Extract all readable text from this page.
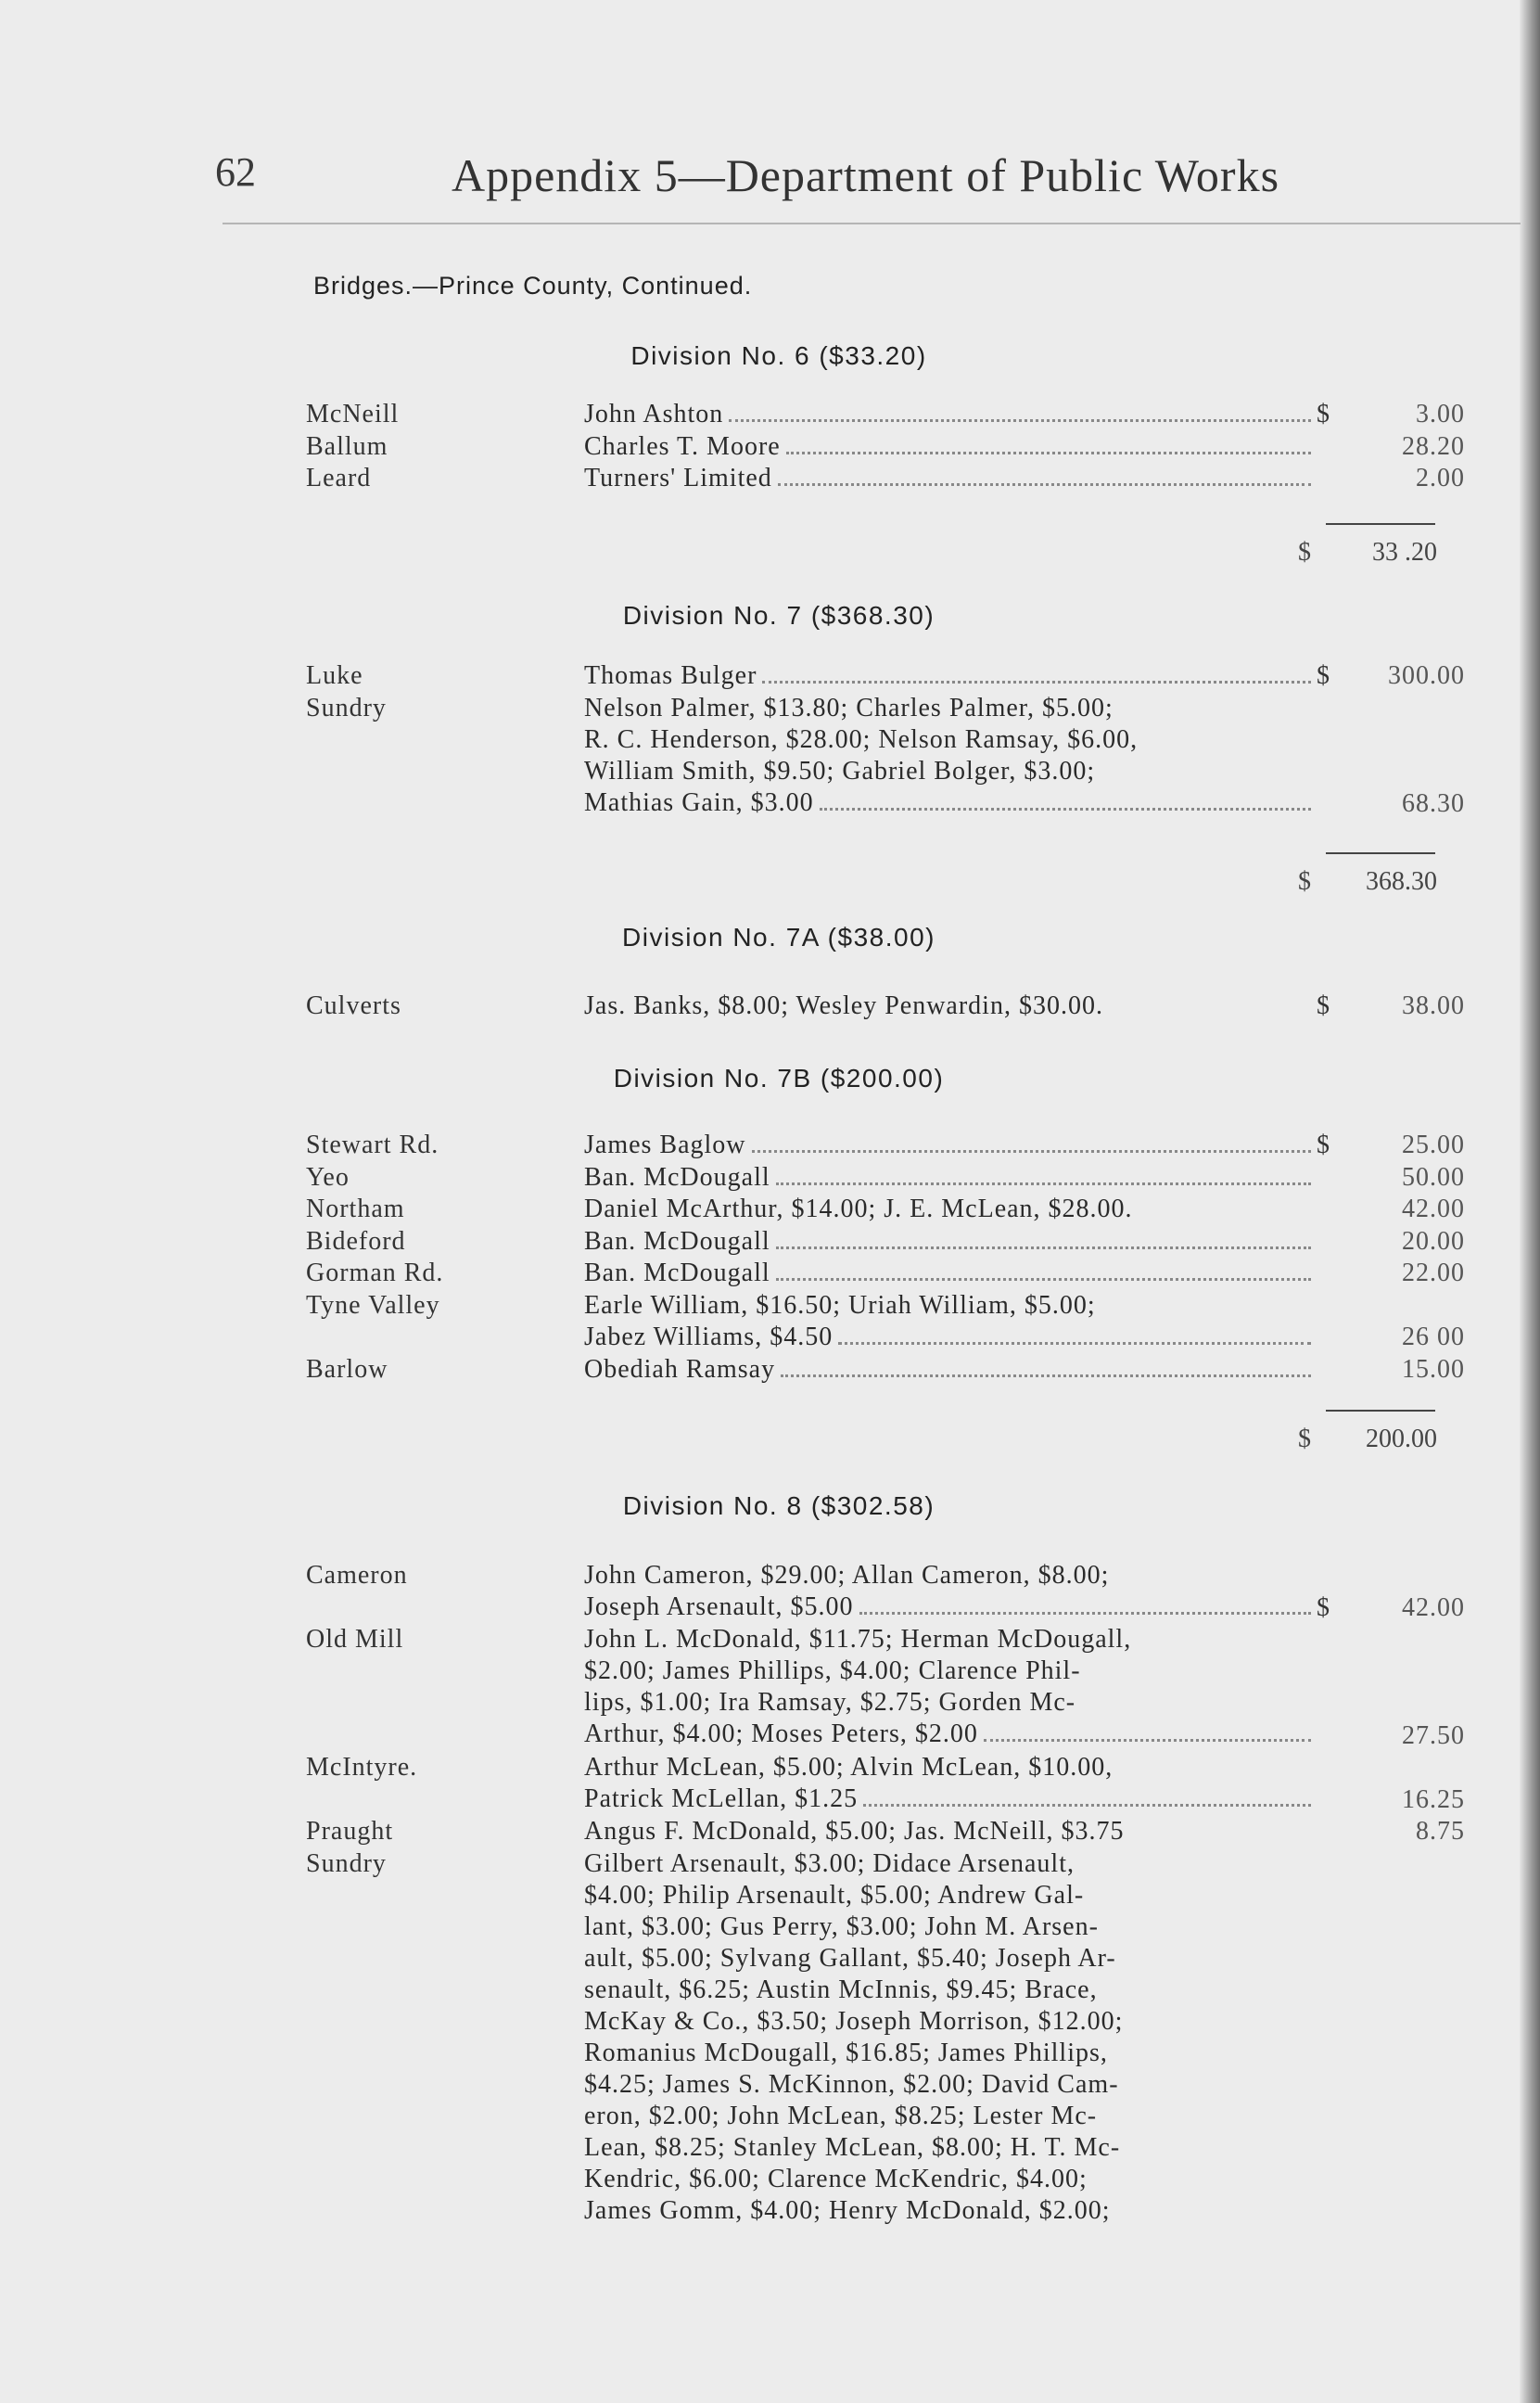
62	Appendix 5—Department of Public Works
Bridges.—Prince County, Continued.
Division No. 6 ($33.20)
McNeill	John Ashton	$	3.00
Ballum	Charles T. Moore	28.20
Leard	Turners' Limited	2.00
$ 33 .20
Division No. 7 ($368.30)
Luke	Thomas Bulger	$	300.00
Sundry	Nelson Palmer, $13.80; Charles Palmer, $5.00;
R. C. Henderson, $28.00; Nelson Ramsay, $6.00,
William Smith, $9.50; Gabriel Bolger, $3.00;
Mathias Gain, $3.00	68.30
$ 368.30
Division No. 7A ($38.00)
Culverts	Jas. Banks, $8.00; Wesley Penwardin, $30.00.	$	38.00
Division No. 7B ($200.00)
Stewart Rd.	James Baglow	$	25.00
Yeo	Ban. McDougall	50.00
Northam	Daniel McArthur, $14.00; J. E. McLean, $28.00.	42.00
Bideford	Ban. McDougall	20.00
Gorman Rd.	Ban. McDougall	22.00
Tyne Valley	Earle William, $16.50; Uriah William, $5.00;
Jabez Williams, $4.50	26 00
Barlow	Obediah Ramsay	15.00
$ 200.00
Division No. 8 ($302.58)
Cameron	John Cameron, $29.00; Allan Cameron, $8.00;
Joseph Arsenault, $5.00	$	42.00
Old Mill	John L. McDonald, $11.75; Herman McDougall,
$2.00; James Phillips, $4.00; Clarence Phil-
lips, $1.00; Ira Ramsay, $2.75; Gorden Mc-
Arthur, $4.00; Moses Peters, $2.00	27.50
McIntyre.	Arthur McLean, $5.00; Alvin McLean, $10.00,
Patrick McLellan, $1.25	16.25
Praught	Angus F. McDonald, $5.00; Jas. McNeill, $3.75	8.75
Sundry	Gilbert Arsenault, $3.00; Didace Arsenault,
$4.00; Philip Arsenault, $5.00; Andrew Gal-
lant, $3.00; Gus Perry, $3.00; John M. Arsen-
ault, $5.00; Sylvang Gallant, $5.40; Joseph Ar-
senault, $6.25; Austin McInnis, $9.45; Brace,
McKay & Co., $3.50; Joseph Morrison, $12.00;
Romanius McDougall, $16.85; James Phillips,
$4.25; James S. McKinnon, $2.00; David Cam-
eron, $2.00; John McLean, $8.25; Lester Mc-
Lean, $8.25; Stanley McLean, $8.00; H. T. Mc-
Kendric, $6.00; Clarence McKendric, $4.00;
James Gomm, $4.00; Henry McDonald, $2.00;
